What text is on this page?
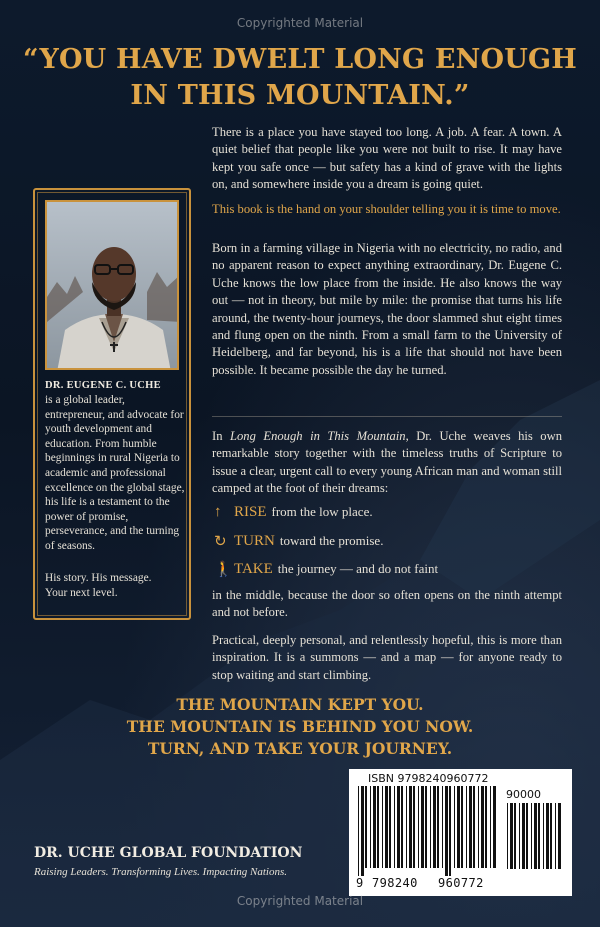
Copyrighted Material
“YOU HAVE DWELT LONG ENOUGH
IN THIS MOUNTAIN.”

There is a place you have stayed too long. A job. A fear. A town. A quiet belief that people like you were not built to rise. It may have kept you safe once — but safety has a kind of grave with the lights on, and somewhere inside you a dream is going quiet.

This book is the hand on your shoulder telling you it is time to move.

Born in a farming village in Nigeria with no electricity, no radio, and no apparent reason to expect anything extraordinary, Dr. Eugene C. Uche knows the low place from the inside. He also knows the way out — not in theory, but mile by mile: the promise that turns his life around, the twenty-hour journeys, the door slammed shut eight times and flung open on the ninth. From a small farm to the University of Heidelberg, and far beyond, his is a life that should not have been possible. It became possible the day he turned.

In Long Enough in This Mountain, Dr. Uche weaves his own remarkable story together with the timeless truths of Scripture to issue a clear, urgent call to every young African man and woman still camped at the foot of their dreams:

↑ RISE from the low place.
↻ TURN toward the promise.
🚶 TAKE the journey — and do not faint

in the middle, because the door so often opens on the ninth attempt and not before.

Practical, deeply personal, and relentlessly hopeful, this is more than inspiration. It is a summons — and a map — for anyone ready to stop waiting and start climbing.

DR. EUGENE C. UCHE

is a global leader, entrepreneur, and advocate for youth development and education. From humble beginnings in rural Nigeria to academic and professional excellence on the global stage, his life is a testament to the power of promise, perseverance, and the turning of seasons.

His story. His message.
Your next level.
THE MOUNTAIN KEPT YOU.
THE MOUNTAIN IS BEHIND YOU NOW.
TURN, AND TAKE YOUR JOURNEY.
DR. UCHE GLOBAL FOUNDATION
Raising Leaders. Transforming Lives. Impacting Nations.
ISBN 9798240960772
90000
9 798240	960772
Copyrighted Material
